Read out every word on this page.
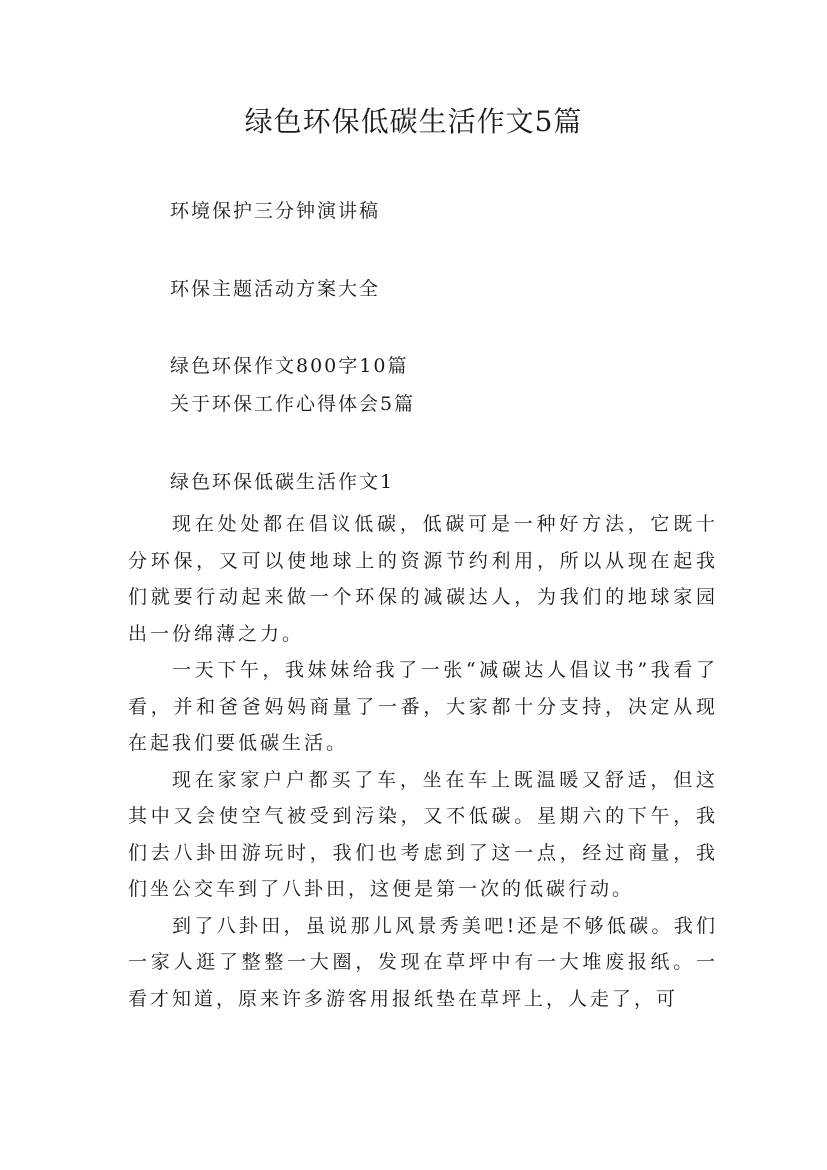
绿色环保低碳生活作文5篇
环境保护三分钟演讲稿
环保主题活动方案大全
绿色环保作文800字10篇
关于环保工作心得体会5篇
绿色环保低碳生活作文1

现在处处都在倡议低碳，低碳可是一种好方法，它既十分环保，又可以使地球上的资源节约利用，所以从现在起我们就要行动起来做一个环保的减碳达人，为我们的地球家园出一份绵薄之力。

一天下午，我妹妹给我了一张“减碳达人倡议书”我看了看，并和爸爸妈妈商量了一番，大家都十分支持，决定从现在起我们要低碳生活。

现在家家户户都买了车，坐在车上既温暖又舒适，但这其中又会使空气被受到污染，又不低碳。星期六的下午，我们去八卦田游玩时，我们也考虑到了这一点，经过商量，我们坐公交车到了八卦田，这便是第一次的低碳行动。

到了八卦田，虽说那儿风景秀美吧!还是不够低碳。我们一家人逛了整整一大圈，发现在草坪中有一大堆废报纸。一看才知道，原来许多游客用报纸垫在草坪上，人走了，可
